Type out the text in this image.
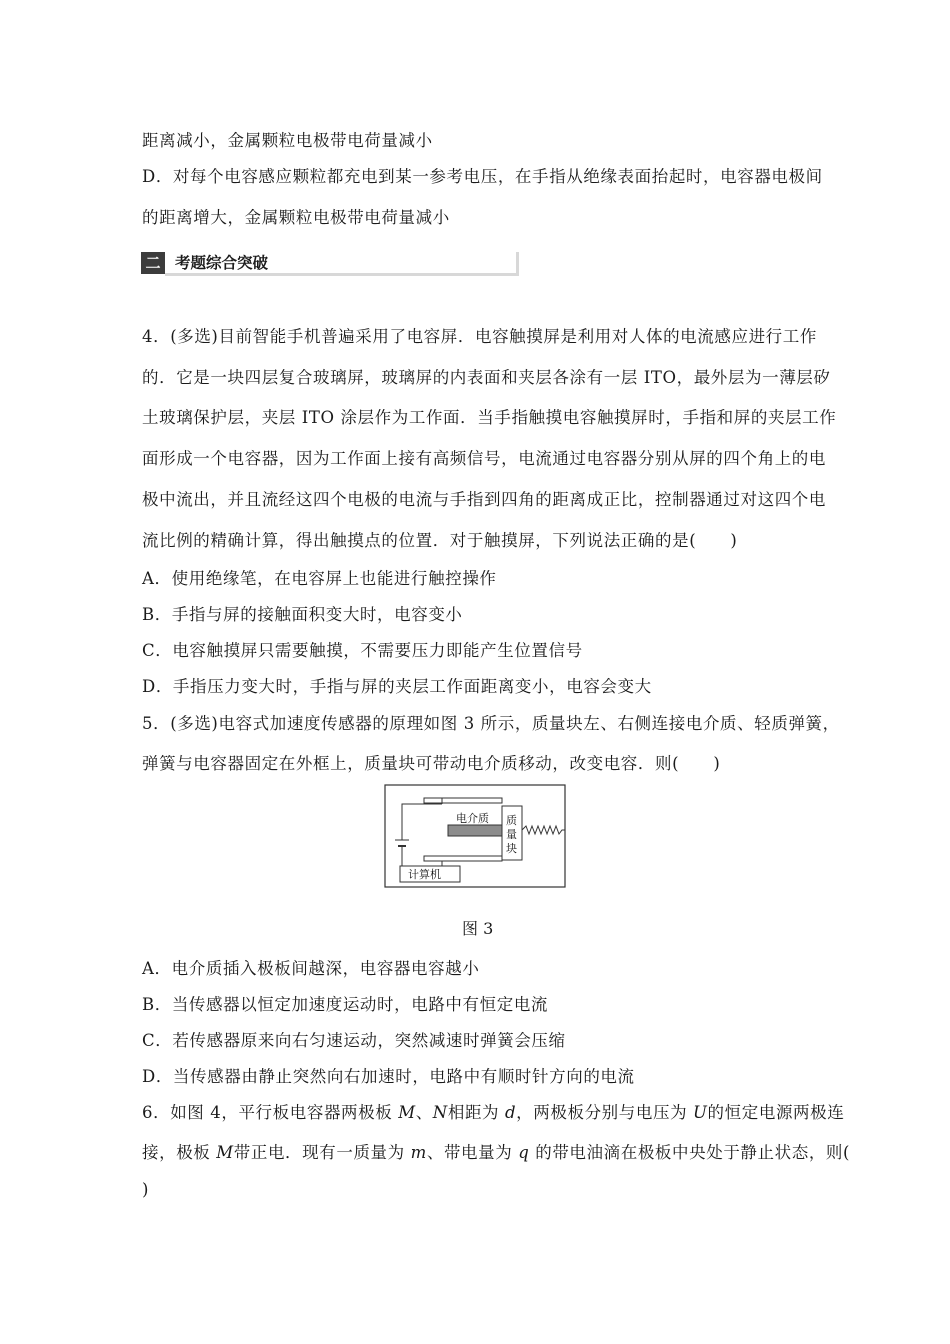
距离减小，金属颗粒电极带电荷量减小
D．对每个电容感应颗粒都充电到某一参考电压，在手指从绝缘表面抬起时，电容器电极间
的距离增大，金属颗粒电极带电荷量减小
二 考题综合突破
4．(多选)目前智能手机普遍采用了电容屏．电容触摸屏是利用对人体的电流感应进行工作
的．它是一块四层复合玻璃屏，玻璃屏的内表面和夹层各涂有一层 ITO，最外层为一薄层矽
土玻璃保护层，夹层 ITO 涂层作为工作面．当手指触摸电容触摸屏时，手指和屏的夹层工作
面形成一个电容器，因为工作面上接有高频信号，电流通过电容器分别从屏的四个角上的电
极中流出，并且流经这四个电极的电流与手指到四角的距离成正比，控制器通过对这四个电
流比例的精确计算，得出触摸点的位置．对于触摸屏，下列说法正确的是(　　)
A．使用绝缘笔，在电容屏上也能进行触控操作
B．手指与屏的接触面积变大时，电容变小
C．电容触摸屏只需要触摸，不需要压力即能产生位置信号
D．手指压力变大时，手指与屏的夹层工作面距离变小，电容会变大
5．(多选)电容式加速度传感器的原理如图 3 所示，质量块左、右侧连接电介质、轻质弹簧，
弹簧与电容器固定在外框上，质量块可带动电介质移动，改变电容．则(　　)
电介质 质
量
块
计算机
图 3
A．电介质插入极板间越深，电容器电容越小
B．当传感器以恒定加速度运动时，电路中有恒定电流
C．若传感器原来向右匀速运动，突然减速时弹簧会压缩
D．当传感器由静止突然向右加速时，电路中有顺时针方向的电流
6．如图 4，平行板电容器两极板 M、N相距为 d，两极板分别与电压为 U的恒定电源两极连
接，极板 M带正电．现有一质量为 m、带电量为 q 的带电油滴在极板中央处于静止状态，则(
)
